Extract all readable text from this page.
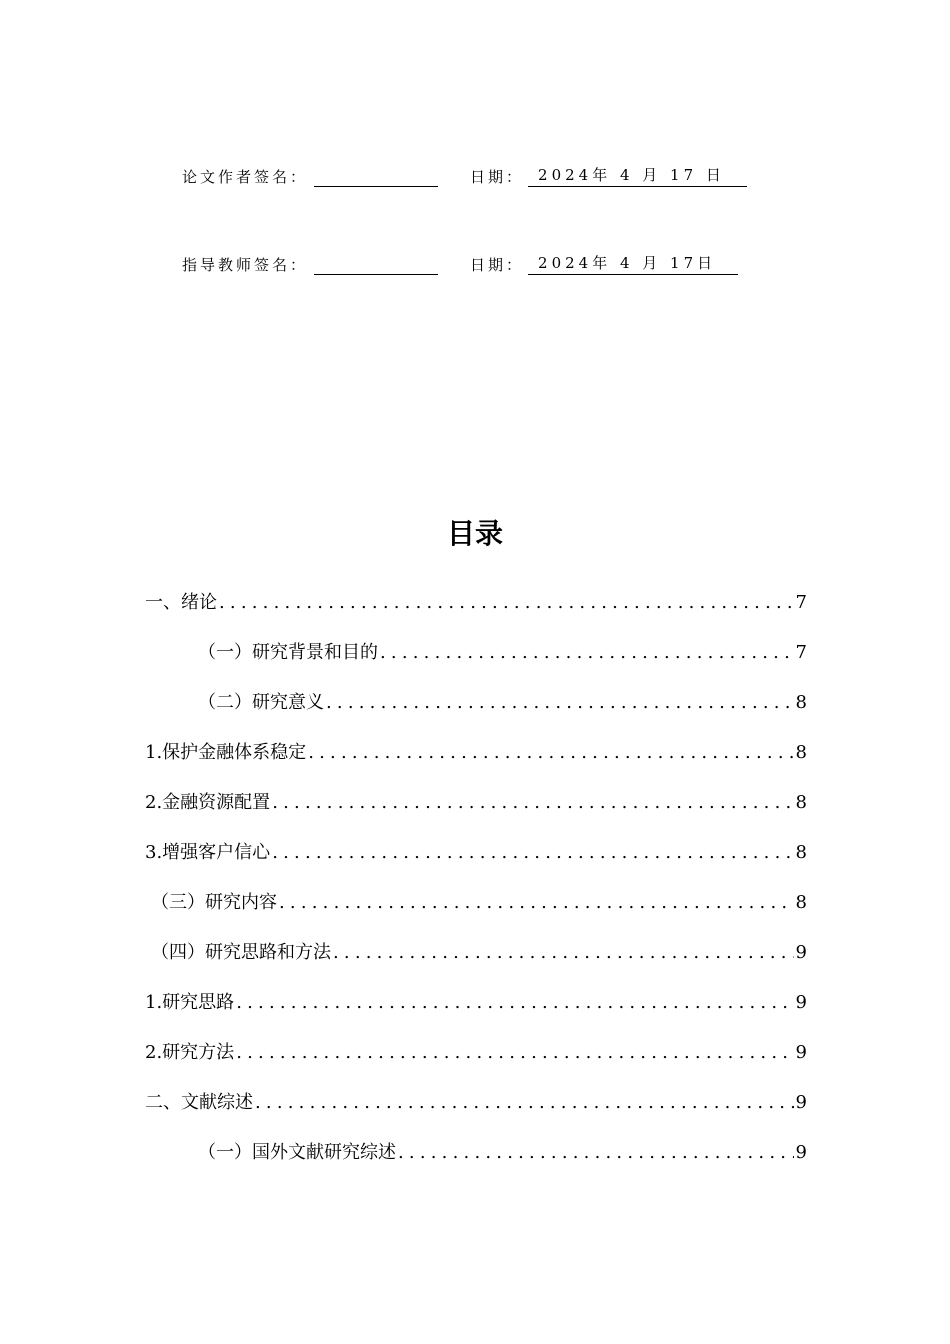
论文作者签名：	日期： 2024年 4 月 17 日
指导教师签名：	日期： 2024年 4 月 17日
目录
一、绪论 .....	7
（一）研究背景和目的 .....	7
（二）研究意义 .....	8
1.保护金融体系稳定 .....	8
2.金融资源配置 .....	8
3.增强客户信心 .....	8
（三）研究内容 .....	8
（四）研究思路和方法 .....	9
1.研究思路 .....	9
2.研究方法 .....	9
二、文献综述 .....	9
（一）国外文献研究综述 .....	9
